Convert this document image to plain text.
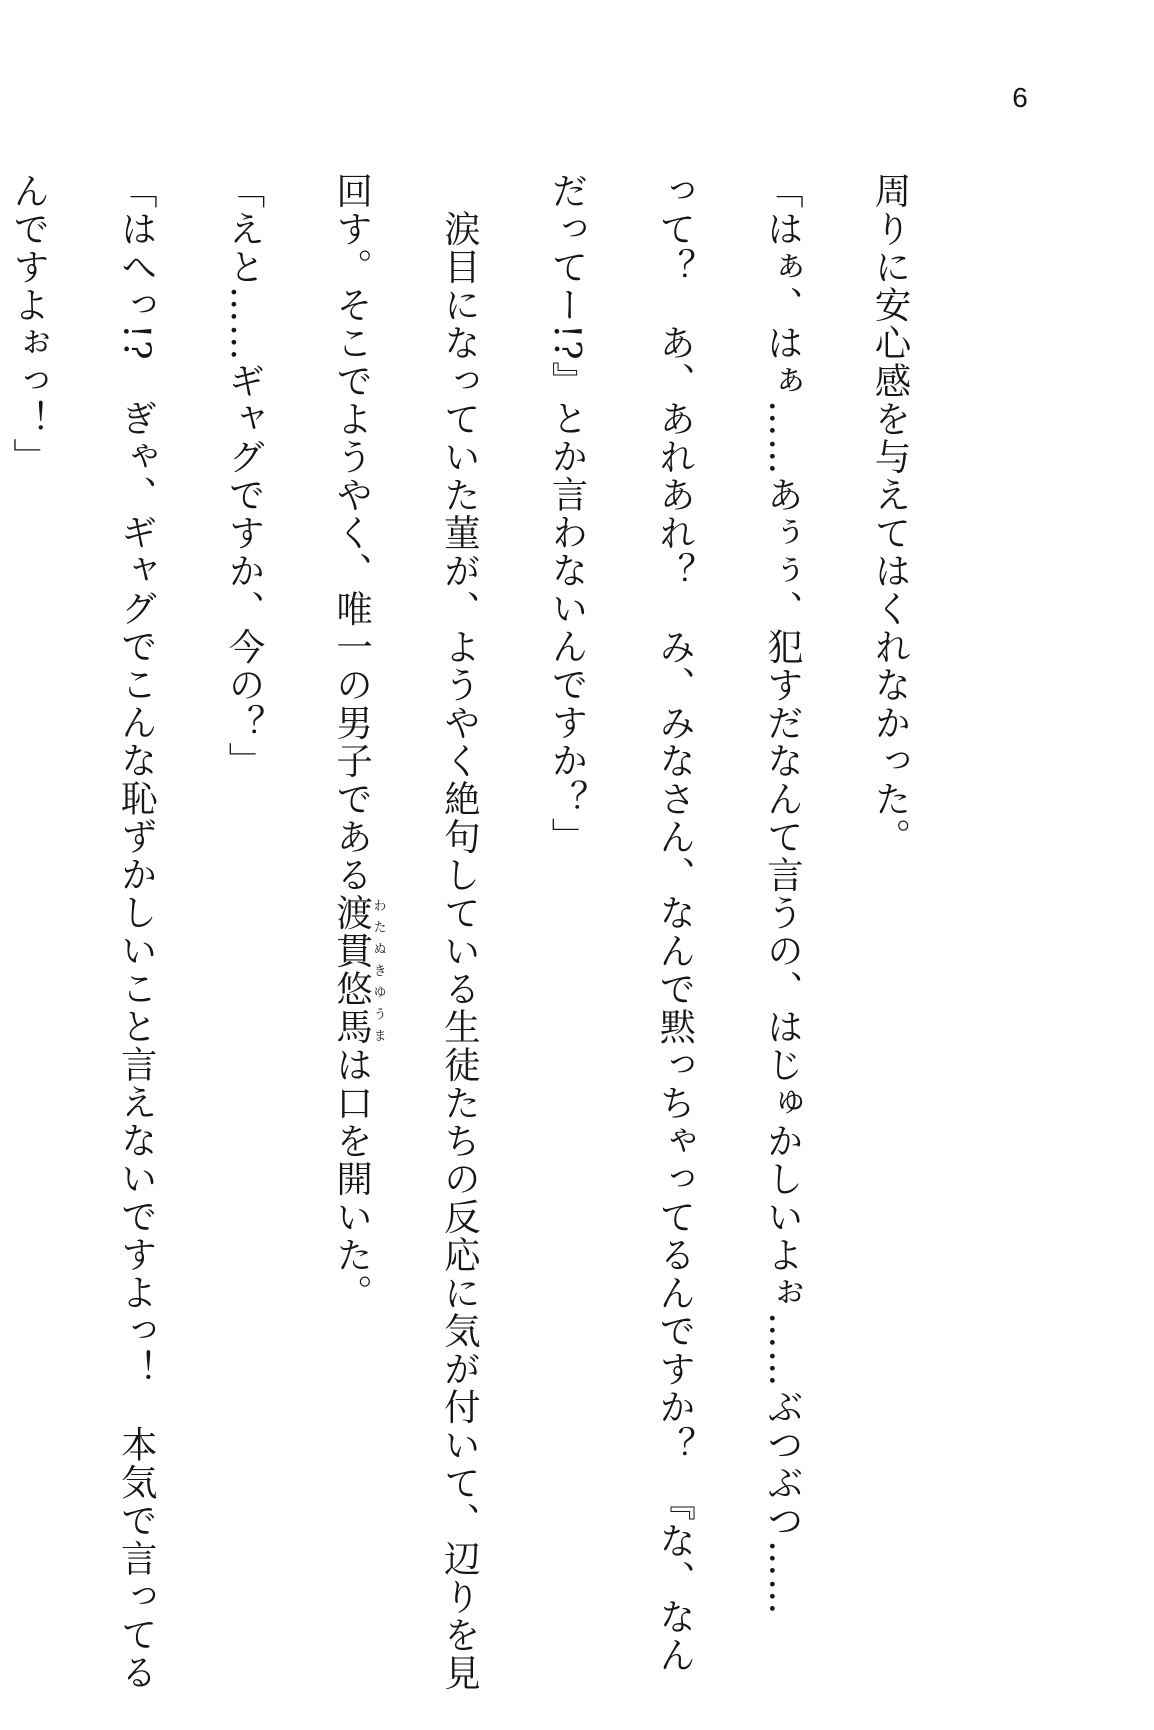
6
周りに安心感を与えてはくれなかった。
「はぁ、はぁ……あぅぅ、犯すだなんて言うの、はじゅかしいよぉ……ぶつぶつ……
って？　あ、あれあれ？　み、みなさん、なんで黙っちゃってるんですか？　『な、なん
だってー!?』とか言わないんですか？」
　涙目になっていた菫が、ようやく絶句している生徒たちの反応に気が付いて、辺りを見
回す。そこでようやく、唯一の男子である渡貫悠馬わたぬきゆうまは口を開いた。
「えと……ギャグですか、今の？」
「はへっ!?　ぎゃ、ギャグでこんな恥ずかしいこと言えないですよっ！　本気で言ってる
んですよぉっ！」
